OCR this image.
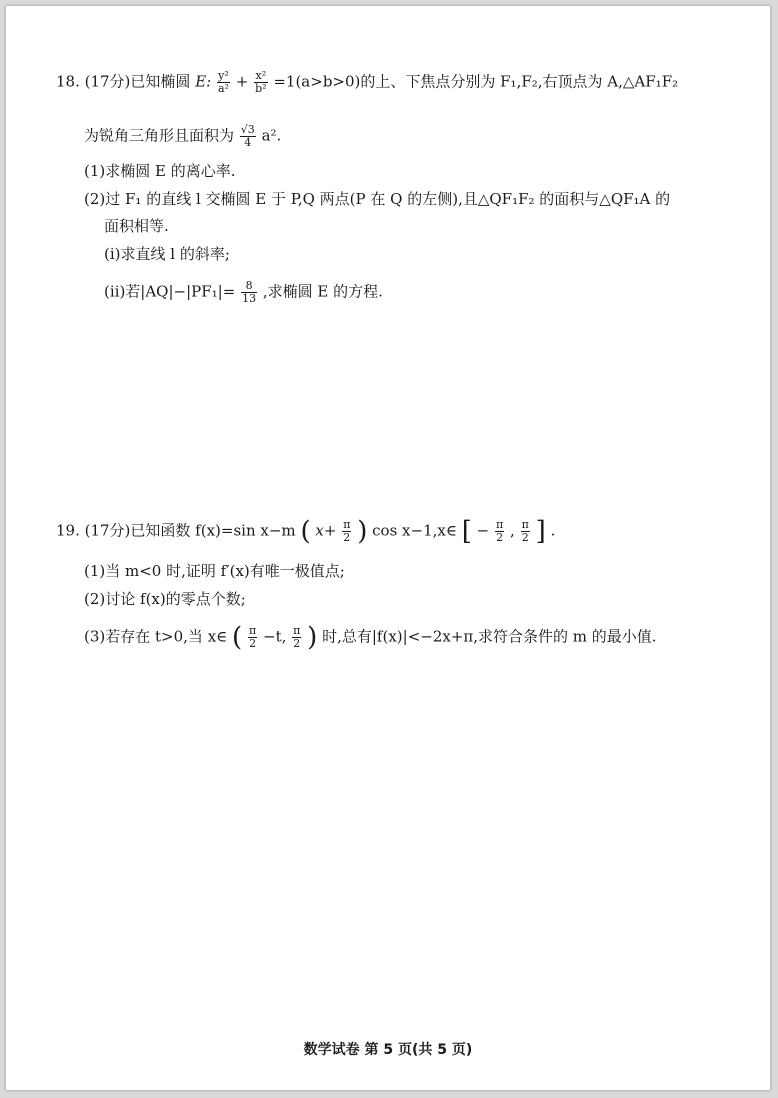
18. (17分)已知椭圆 E: $\frac{\text{y²}}{\text{a²}} + \frac{\text{x²}}{\text{b²}} =1(a>b>0)$的上、下焦点分别为 F₁,F₂,右顶点为 A,△AF₁F₂
为锐角三角形且面积为 $\frac{√3}{4} a^2$.
(1)求椭圆 E 的离心率.
(2)过 F₁ 的直线 l 交椭圆 E 于 P,Q 两点(P 在 Q 的左侧),且△QF₁F₂ 的面积与△QF₁A 的
面积相等.
(ⅰ)求直线 l 的斜率;
(ⅱ)若$|AQ|-|PF_1|= \frac{8}{13}$ ,求椭圆 E 的方程.
19. (17分)已知函数 f(x)=sin x−m ( $x+ \frac{\pi}{2}$ ) cos x−1,x∈ [ − $\frac{\pi}{2}$ , $\frac{\pi}{2}$ ] .
(1)当 m<0 时,证明 f′(x)有唯一极值点;
(2)讨论 f(x)的零点个数;
(3)若存在 t>0,当 x∈ ( $\frac{\pi}{2} -t$, $\frac{\pi}{2}$ ) 时,总有|f(x)|<−2x+π,求符合条件的 m 的最小值.
数学试卷 第 5 页(共 5 页)
